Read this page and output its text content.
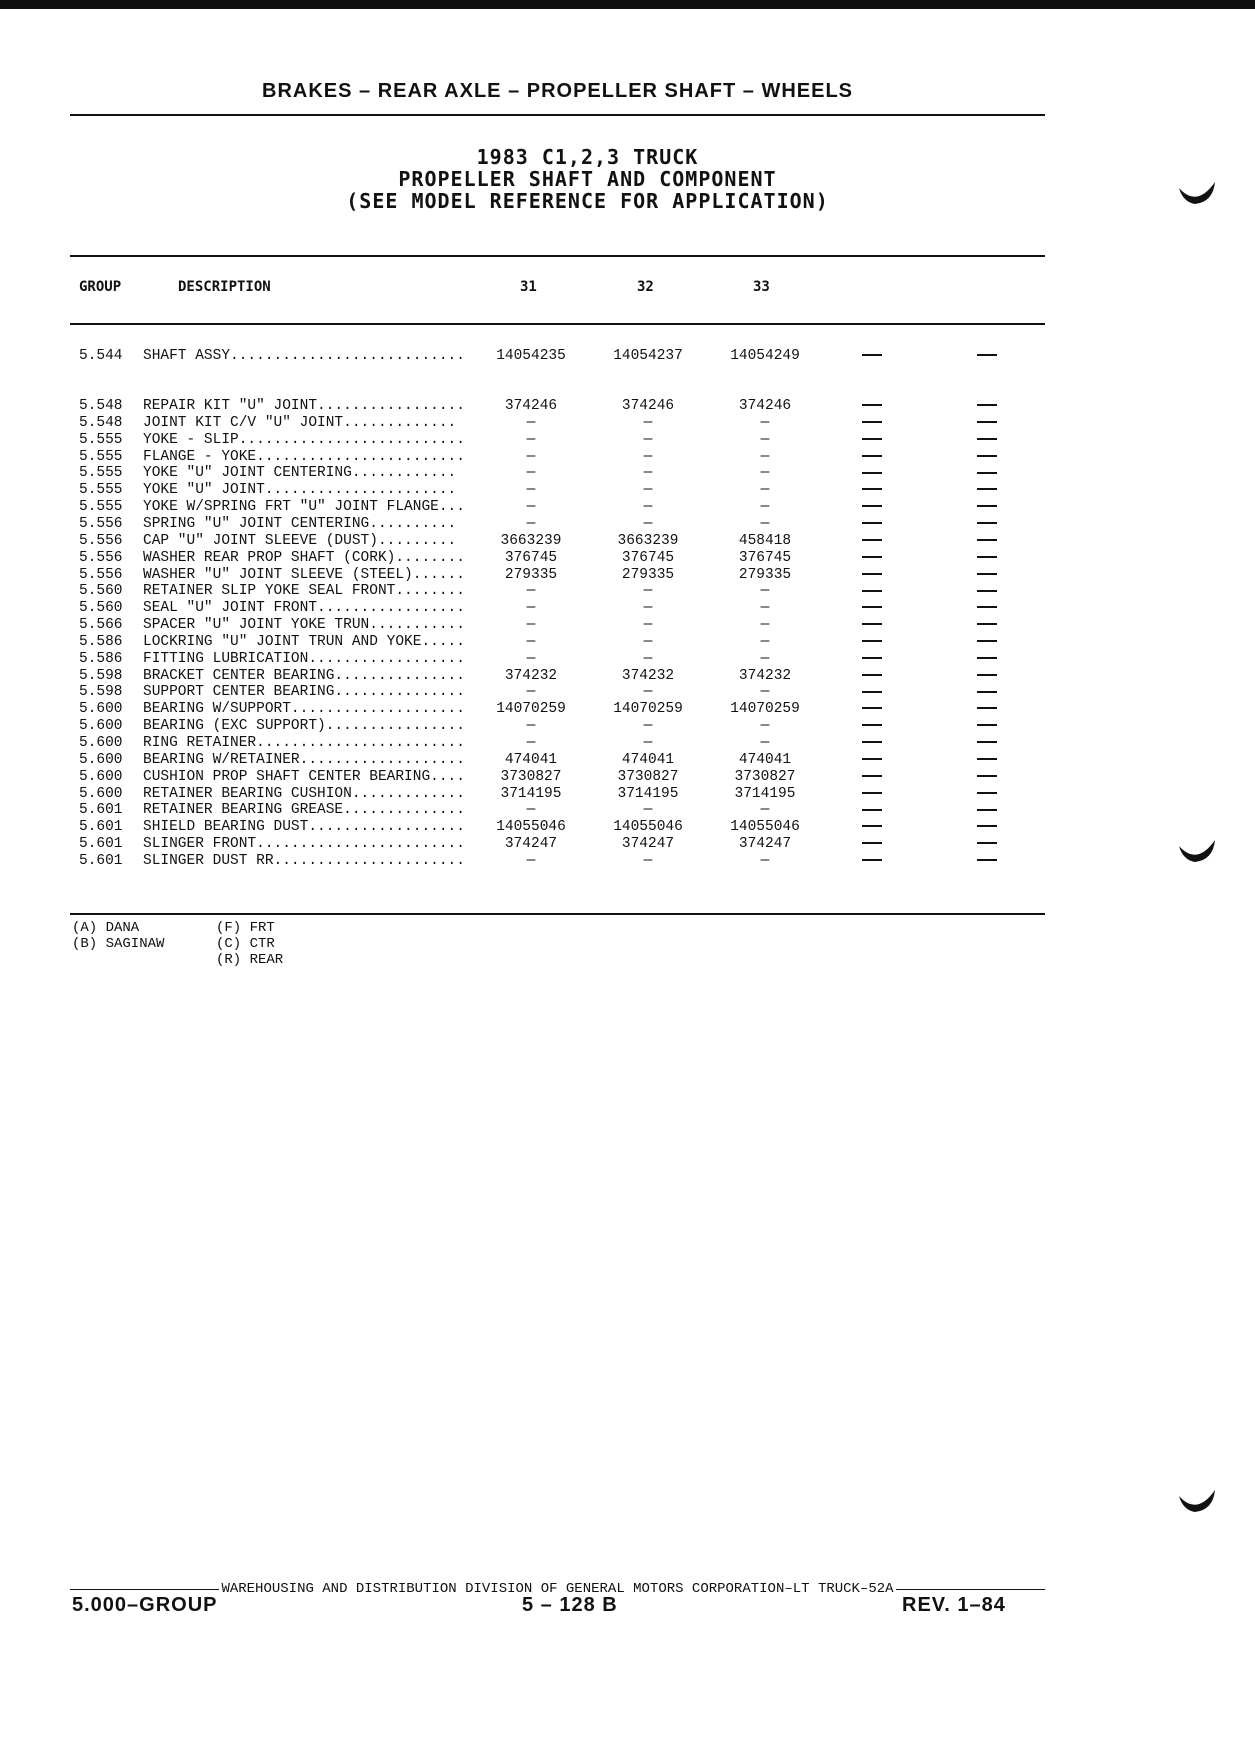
BRAKES – REAR AXLE – PROPELLER SHAFT – WHEELS
1983 C1,2,3 TRUCK
PROPELLER SHAFT AND COMPONENT
(SEE MODEL REFERENCE FOR APPLICATION)
GROUP	DESCRIPTION	31	32	33
5.544	SHAFT ASSY...........................	14054235	14054237	14054249
5.548	REPAIR KIT "U" JOINT.................	374246	374246	374246
5.548	JOINT KIT C/V "U" JOINT.............	—	—	—
5.555	YOKE - SLIP..........................	—	—	—
5.555	FLANGE - YOKE........................	—	—	—
5.555	YOKE "U" JOINT CENTERING............	—	—	—
5.555	YOKE "U" JOINT......................	—	—	—
5.555	YOKE W/SPRING FRT "U" JOINT FLANGE...	—	—	—
5.556	SPRING "U" JOINT CENTERING..........	—	—	—
5.556	CAP "U" JOINT SLEEVE (DUST).........	3663239	3663239	458418
5.556	WASHER REAR PROP SHAFT (CORK)........	376745	376745	376745
5.556	WASHER "U" JOINT SLEEVE (STEEL)......	279335	279335	279335
5.560	RETAINER SLIP YOKE SEAL FRONT........	—	—	—
5.560	SEAL "U" JOINT FRONT.................	—	—	—
5.566	SPACER "U" JOINT YOKE TRUN...........	—	—	—
5.586	LOCKRING "U" JOINT TRUN AND YOKE.....	—	—	—
5.586	FITTING LUBRICATION..................	—	—	—
5.598	BRACKET CENTER BEARING...............	374232	374232	374232
5.598	SUPPORT CENTER BEARING...............	—	—	—
5.600	BEARING W/SUPPORT....................	14070259	14070259	14070259
5.600	BEARING (EXC SUPPORT)................	—	—	—
5.600	RING RETAINER........................	—	—	—
5.600	BEARING W/RETAINER...................	474041	474041	474041
5.600	CUSHION PROP SHAFT CENTER BEARING....	3730827	3730827	3730827
5.600	RETAINER BEARING CUSHION.............	3714195	3714195	3714195
5.601	RETAINER BEARING GREASE..............	—	—	—
5.601	SHIELD BEARING DUST..................	14055046	14055046	14055046
5.601	SLINGER FRONT........................	374247	374247	374247
5.601	SLINGER DUST RR......................	—	—	—
(A) DANA
(B) SAGINAW
(F) FRT
(C) CTR
(R) REAR
WAREHOUSING AND DISTRIBUTION DIVISION OF GENERAL MOTORS CORPORATION–LT TRUCK–52A
5.000–GROUP	5 – 128 B	REV. 1–84
